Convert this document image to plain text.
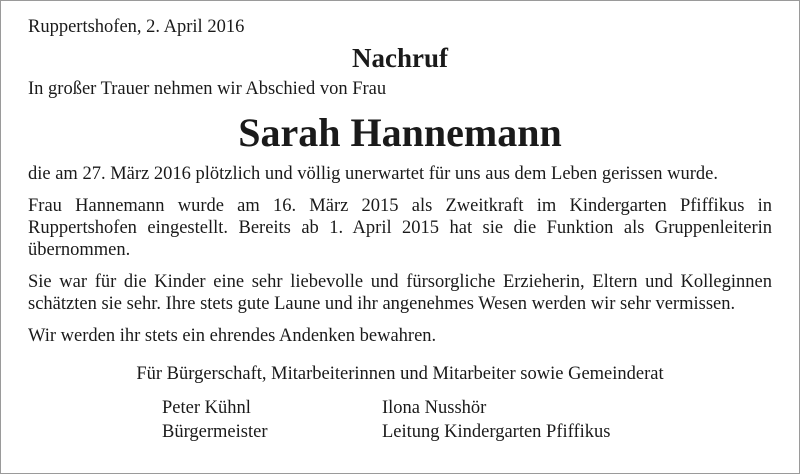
Ruppertshofen, 2. April 2016
Nachruf
In großer Trauer nehmen wir Abschied von Frau
Sarah Hannemann
die am 27. März 2016 plötzlich und völlig unerwartet für uns aus dem Leben gerissen wurde.
Frau Hannemann wurde am 16. März 2015 als Zweitkraft im Kindergarten Pfiffikus in Ruppertshofen eingestellt. Bereits ab 1. April 2015 hat sie die Funktion als Gruppenleiterin übernommen.
Sie war für die Kinder eine sehr liebevolle und fürsorgliche Erzieherin, Eltern und Kolleginnen schätzten sie sehr. Ihre stets gute Laune und ihr angenehmes Wesen werden wir sehr vermissen.
Wir werden ihr stets ein ehrendes Andenken bewahren.
Für Bürgerschaft, Mitarbeiterinnen und Mitarbeiter sowie Gemeinderat
Peter Kühnl
Bürgermeister
Ilona Nusshör
Leitung Kindergarten Pfiffikus
